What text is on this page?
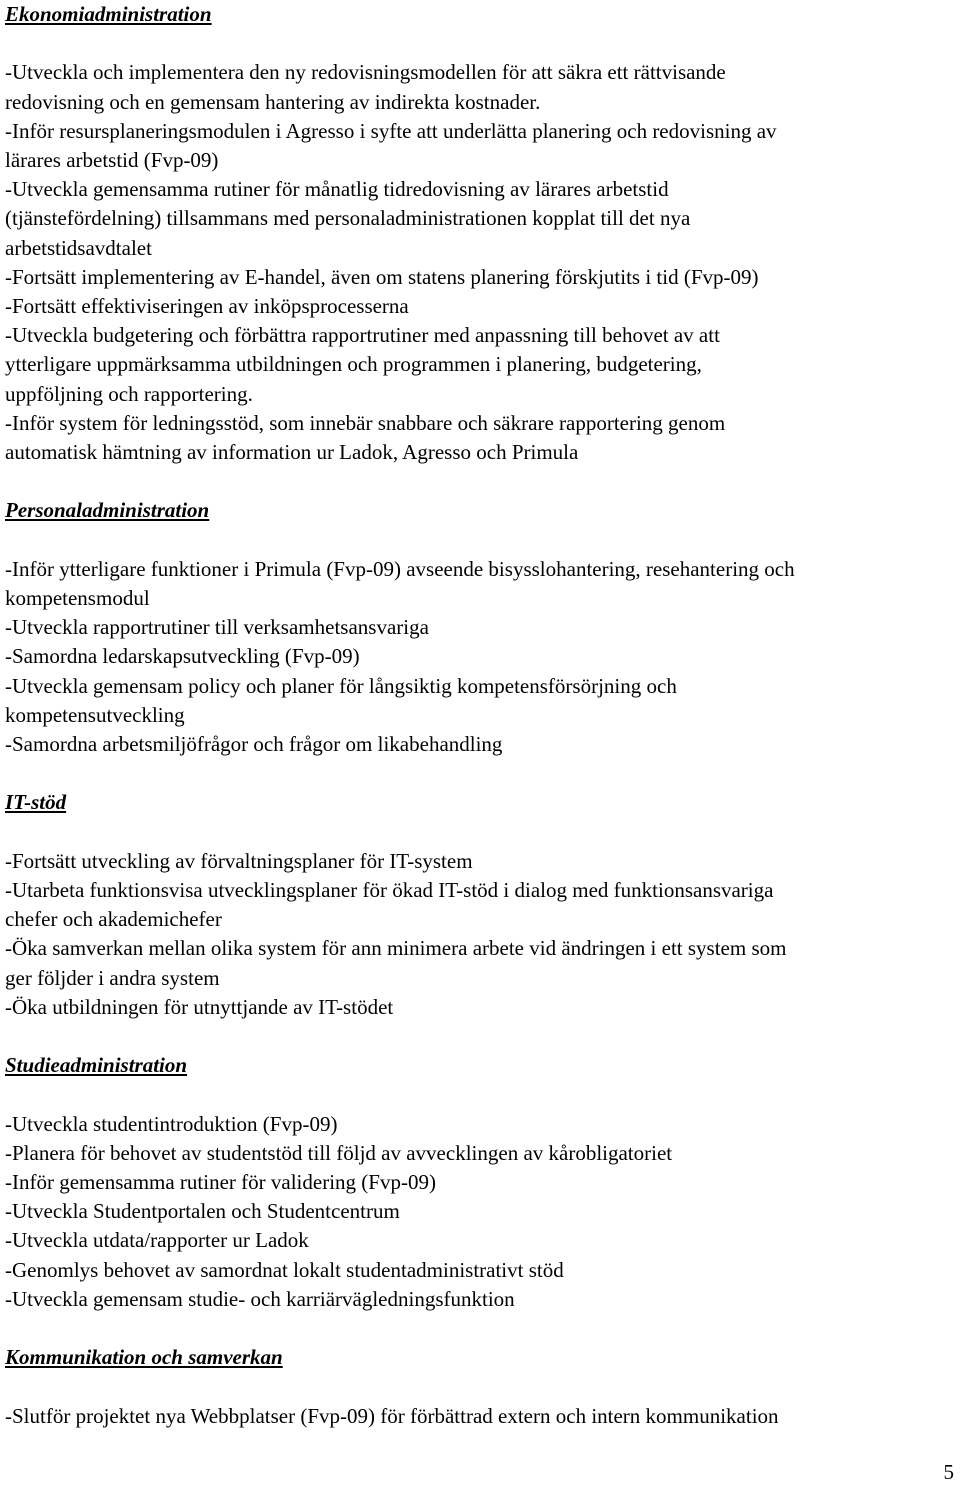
Ekonomiadministration

-Utveckla och implementera den ny redovisningsmodellen för att säkra ett rättvisande

redovisning och en gemensam hantering av indirekta kostnader.

-Inför resursplaneringsmodulen i Agresso i syfte att underlätta planering och redovisning av

lärares arbetstid (Fvp-09)

-Utveckla gemensamma rutiner för månatlig tidredovisning av lärares arbetstid

(tjänstefördelning) tillsammans med personaladministrationen kopplat till det nya

arbetstidsavdtalet

-Fortsätt implementering av E-handel, även om statens planering förskjutits i tid (Fvp-09)

-Fortsätt effektiviseringen av inköpsprocesserna

-Utveckla budgetering och förbättra rapportrutiner med anpassning till behovet av att

ytterligare uppmärksamma utbildningen och programmen i planering, budgetering,

uppföljning och rapportering.

-Inför system för ledningsstöd, som innebär snabbare och säkrare rapportering genom

automatisk hämtning av information ur Ladok, Agresso och Primula

Personaladministration

-Inför ytterligare funktioner i Primula (Fvp-09) avseende bisysslohantering, resehantering och

kompetensmodul

-Utveckla rapportrutiner till verksamhetsansvariga

-Samordna ledarskapsutveckling (Fvp-09)

-Utveckla gemensam policy och planer för långsiktig kompetensförsörjning och

kompetensutveckling

-Samordna arbetsmiljöfrågor och frågor om likabehandling

IT-stöd

-Fortsätt utveckling av förvaltningsplaner för IT-system

-Utarbeta funktionsvisa utvecklingsplaner för ökad IT-stöd i dialog med funktionsansvariga

chefer och akademichefer

-Öka samverkan mellan olika system för ann minimera arbete vid ändringen i ett system som

ger följder i andra system

-Öka utbildningen för utnyttjande av IT-stödet

Studieadministration

-Utveckla studentintroduktion (Fvp-09)

-Planera för behovet av studentstöd till följd av avvecklingen av kårobligatoriet

-Inför gemensamma rutiner för validering (Fvp-09)

-Utveckla Studentportalen och Studentcentrum

-Utveckla utdata/rapporter ur Ladok

-Genomlys behovet av samordnat lokalt studentadministrativt stöd

-Utveckla gemensam studie- och karriärvägledningsfunktion

Kommunikation och samverkan

-Slutför projektet nya Webbplatser (Fvp-09) för förbättrad extern och intern kommunikation

5
